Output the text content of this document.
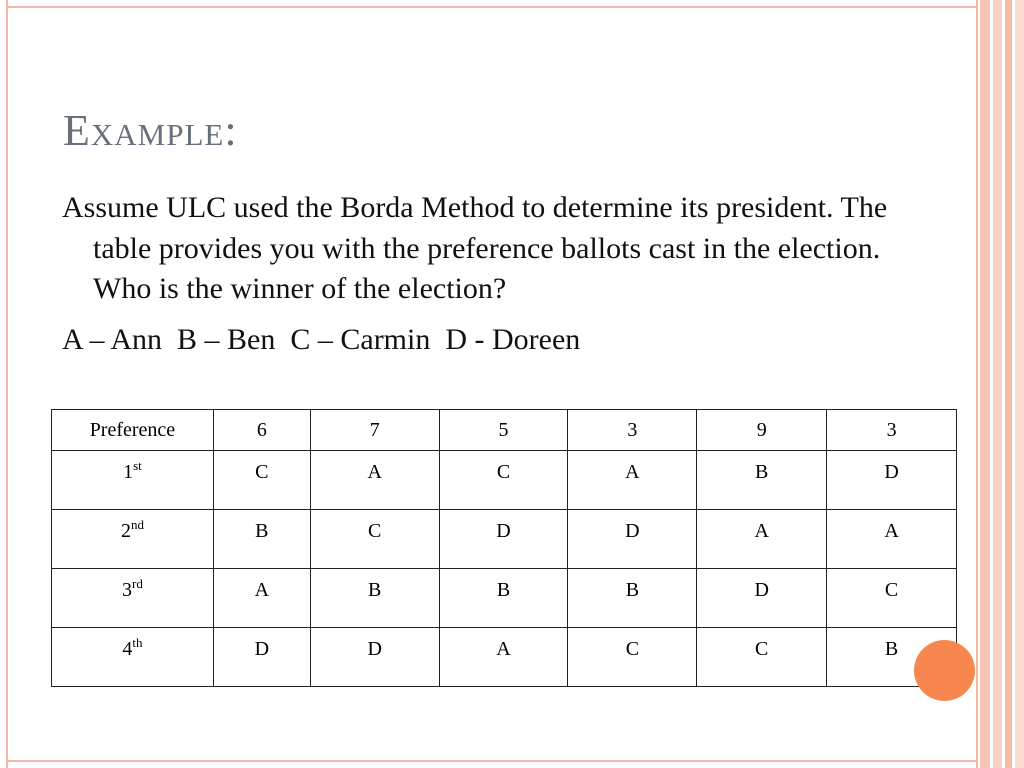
Example:

Assume ULC used the Borda Method to determine its president. The table provides you with the preference ballots cast in the election. Who is the winner of the election?

A – Ann  B – Ben  C – Carmin  D - Doreen

Preference	6	7	5	3	9	3
1st	C	A	C	A	B	D
2nd	B	C	D	D	A	A
3rd	A	B	B	B	D	C
4th	D	D	A	C	C	B
